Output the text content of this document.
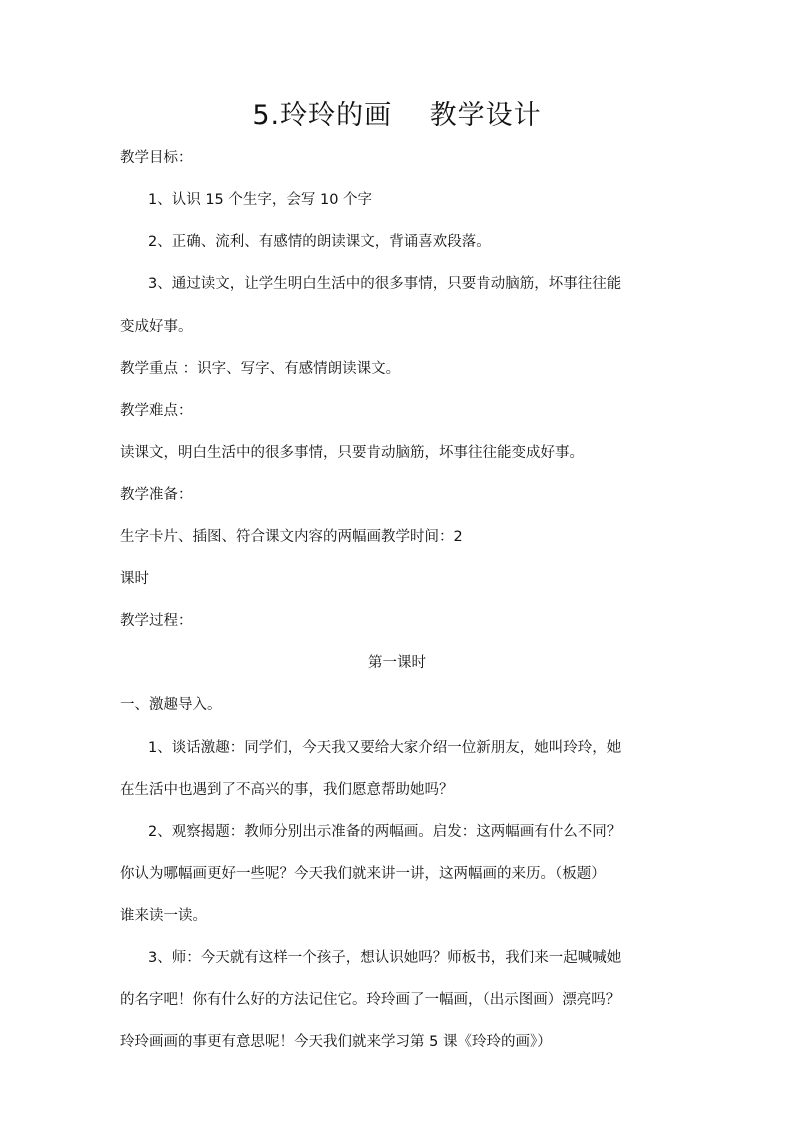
5.玲玲的画　 教学设计
教学目标：
1、认识 15 个生字，会写 10 个字
2、正确、流利、有感情的朗读课文，背诵喜欢段落。
3、通过读文，让学生明白生活中的很多事情，只要肯动脑筋，坏事往往能
变成好事。
教学重点 ：识字、写字、有感情朗读课文。
教学难点：
读课文，明白生活中的很多事情，只要肯动脑筋，坏事往往能变成好事。
教学准备：
生字卡片、插图、符合课文内容的两幅画教学时间：2
课时
教学过程：
第一课时
一、激趣导入。
1、谈话激趣：同学们，今天我又要给大家介绍一位新朋友，她叫玲玲，她
在生活中也遇到了不高兴的事，我们愿意帮助她吗？
2、观察揭题：教师分别出示准备的两幅画。启发：这两幅画有什么不同？
你认为哪幅画更好一些呢？今天我们就来讲一讲，这两幅画的来历。（板题）
谁来读一读。
3、师：今天就有这样一个孩子，想认识她吗？师板书，我们来一起喊喊她
的名字吧！你有什么好的方法记住它。玲玲画了一幅画，（出示图画）漂亮吗？
玲玲画画的事更有意思呢！今天我们就来学习第 5 课《玲玲的画》）
